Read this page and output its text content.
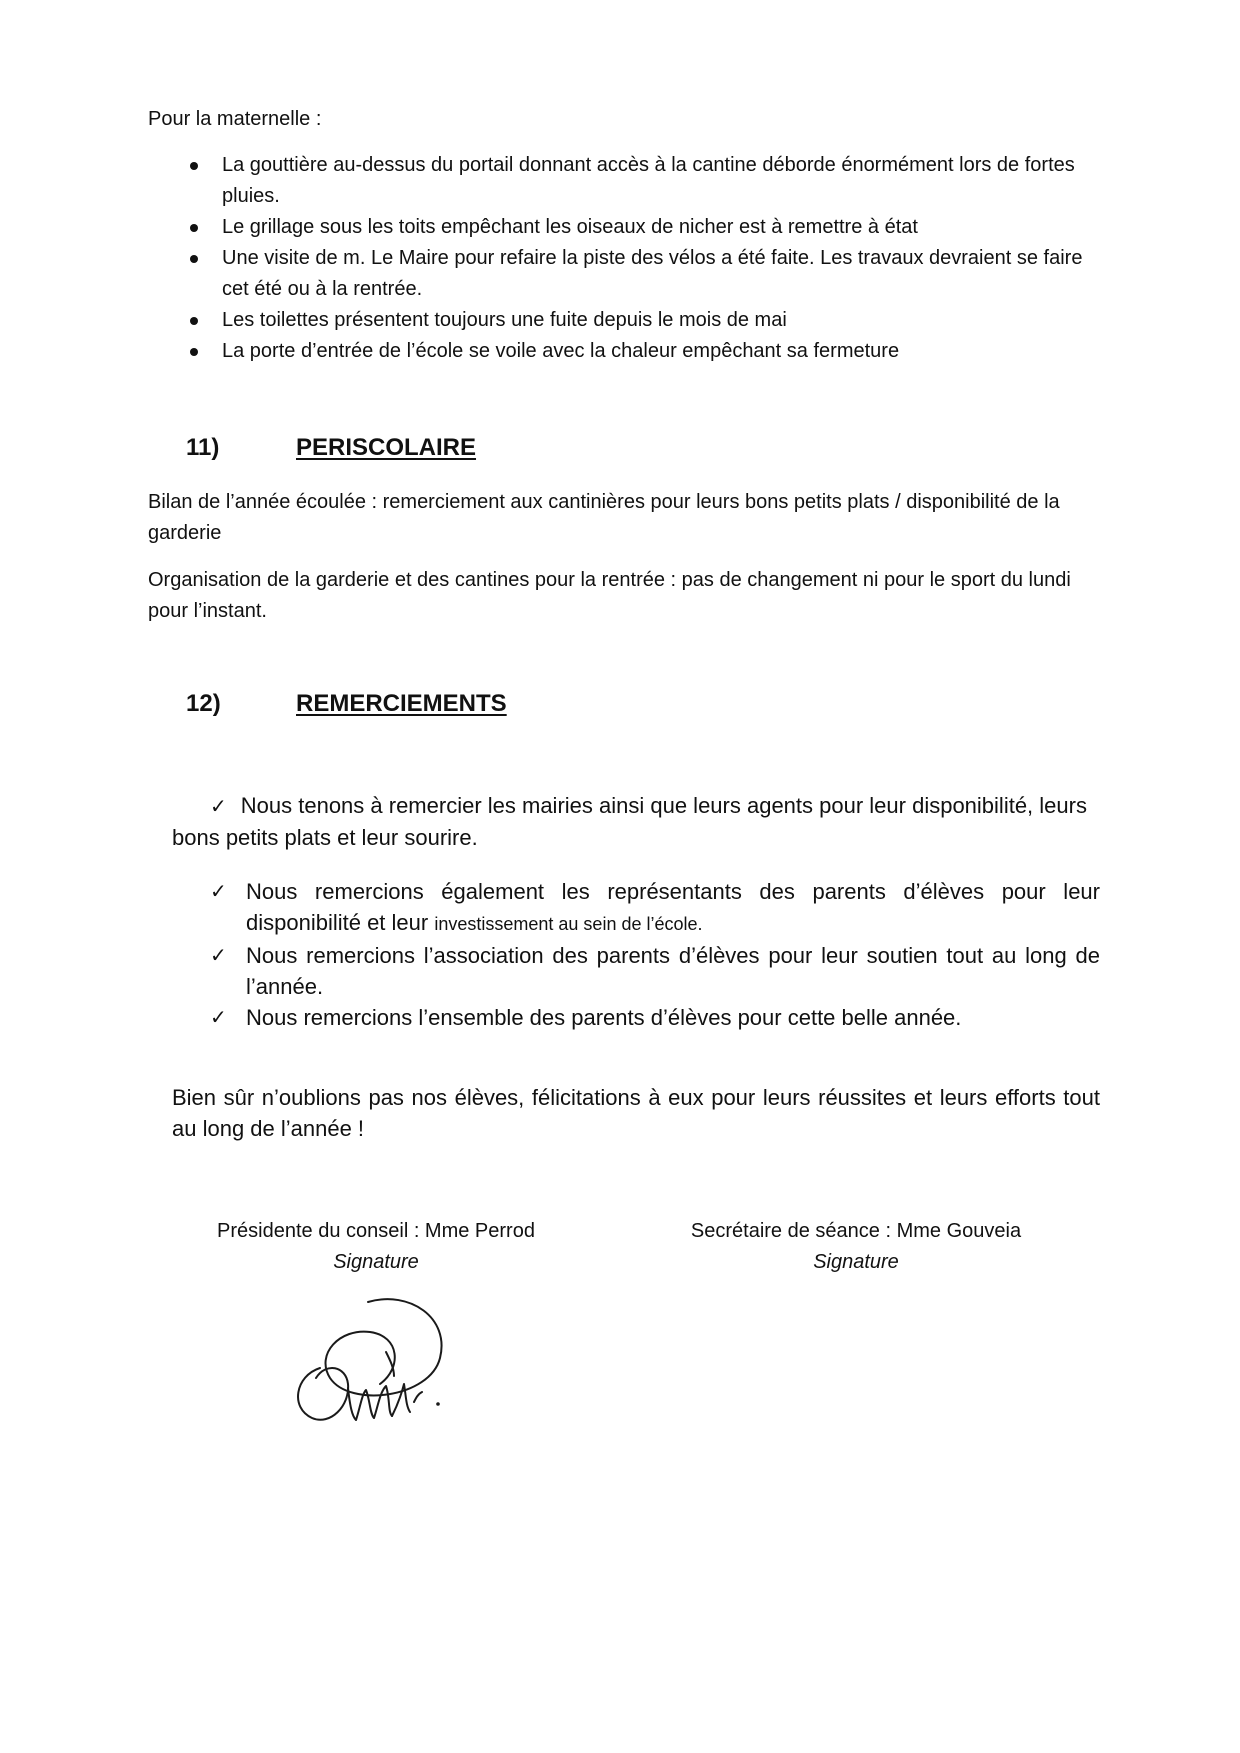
Pour la maternelle :

La gouttière au-dessus du portail donnant accès à la cantine déborde énormément lors de fortes pluies.
Le grillage sous les toits empêchant les oiseaux de nicher est à remettre à état
Une visite de m. Le Maire pour refaire la piste des vélos a été faite. Les travaux devraient se faire cet été ou à la rentrée.
Les toilettes présentent toujours une fuite depuis le mois de mai
La porte d’entrée de l’école se voile avec la chaleur empêchant sa fermeture
11)	PERISCOLAIRE

Bilan de l’année écoulée : remerciement aux cantinières pour leurs bons petits plats / disponibilité de la garderie

Organisation de la garderie et des cantines pour la rentrée : pas de changement ni pour le sport du lundi pour l’instant.

12)	REMERCIEMENTS

✓ Nous tenons à remercier les mairies ainsi que leurs agents pour leur disponibilité, leurs bons petits plats et leur sourire.

✓ Nous remercions également les représentants des parents d’élèves pour leur disponibilité et leur investissement au sein de l’école.
✓ Nous remercions l’association des parents d’élèves pour leur soutien tout au long de l’année.
✓ Nous remercions l’ensemble des parents d’élèves pour cette belle année.

Bien sûr n’oublions pas nos élèves, félicitations à eux pour leurs réussites et leurs efforts tout au long de l’année !

Présidente du conseil : Mme Perrod
Signature
Secrétaire de séance : Mme Gouveia
Signature
